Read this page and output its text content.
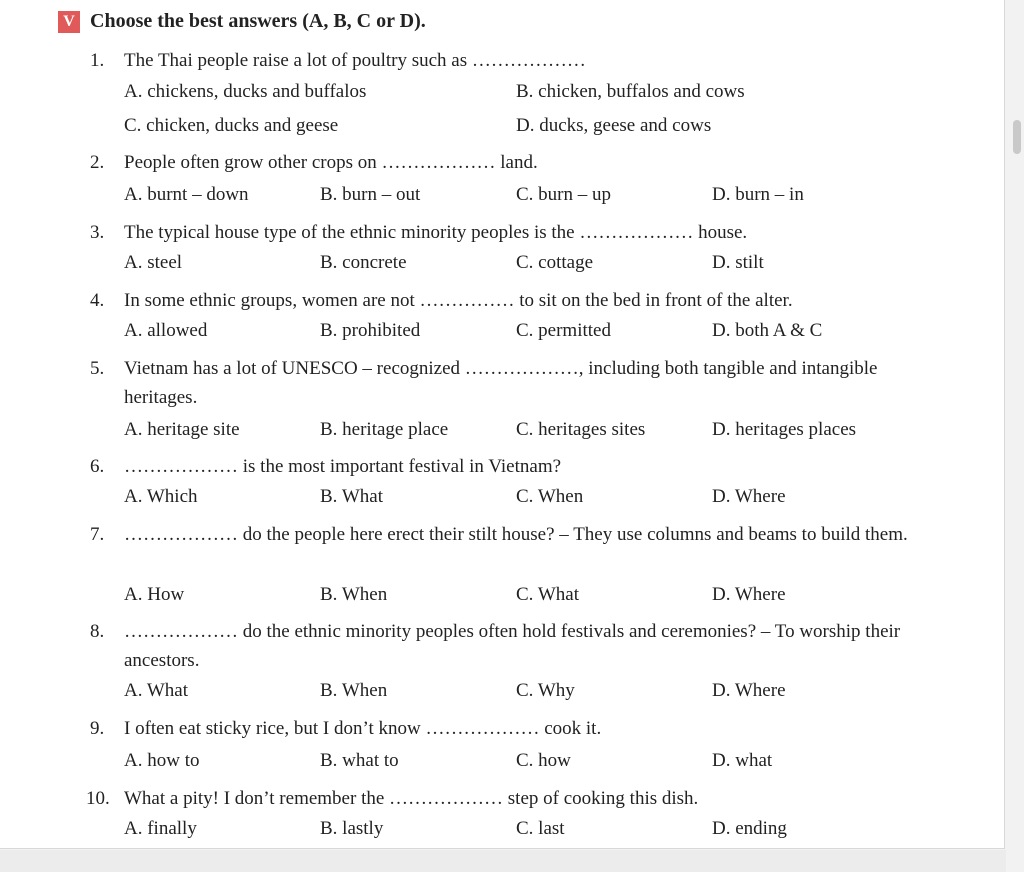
V Choose the best answers (A, B, C or D).
1. The Thai people raise a lot of poultry such as ………………
A. chickens, ducks and buffalos	B. chicken, buffalos and cows
C. chicken, ducks and geese	D. ducks, geese and cows
2. People often grow other crops on ……………… land.
A. burnt – down	B. burn – out	C. burn – up	D. burn – in
3. The typical house type of the ethnic minority peoples is the ……………… house.
A. steel	B. concrete	C. cottage	D. stilt
4. In some ethnic groups, women are not …………… to sit on the bed in front of the alter.
A. allowed	B. prohibited	C. permitted	D. both A & C
5. Vietnam has a lot of UNESCO – recognized ………………, including both tangible and intangible heritages.
A. heritage site	B. heritage place	C. heritages sites	D. heritages places
6. ……………… is the most important festival in Vietnam?
A. Which	B. What	C. When	D. Where
7. ……………… do the people here erect their stilt house? – They use columns and beams to build them.
A. How	B. When	C. What	D. Where
8. ……………… do the ethnic minority peoples often hold festivals and ceremonies? – To worship their ancestors.
A. What	B. When	C. Why	D. Where
9. I often eat sticky rice, but I don’t know ……………… cook it.
A. how to	B. what to	C. how	D. what
10. What a pity! I don’t remember the ……………… step of cooking this dish.
A. finally	B. lastly	C. last	D. ending
